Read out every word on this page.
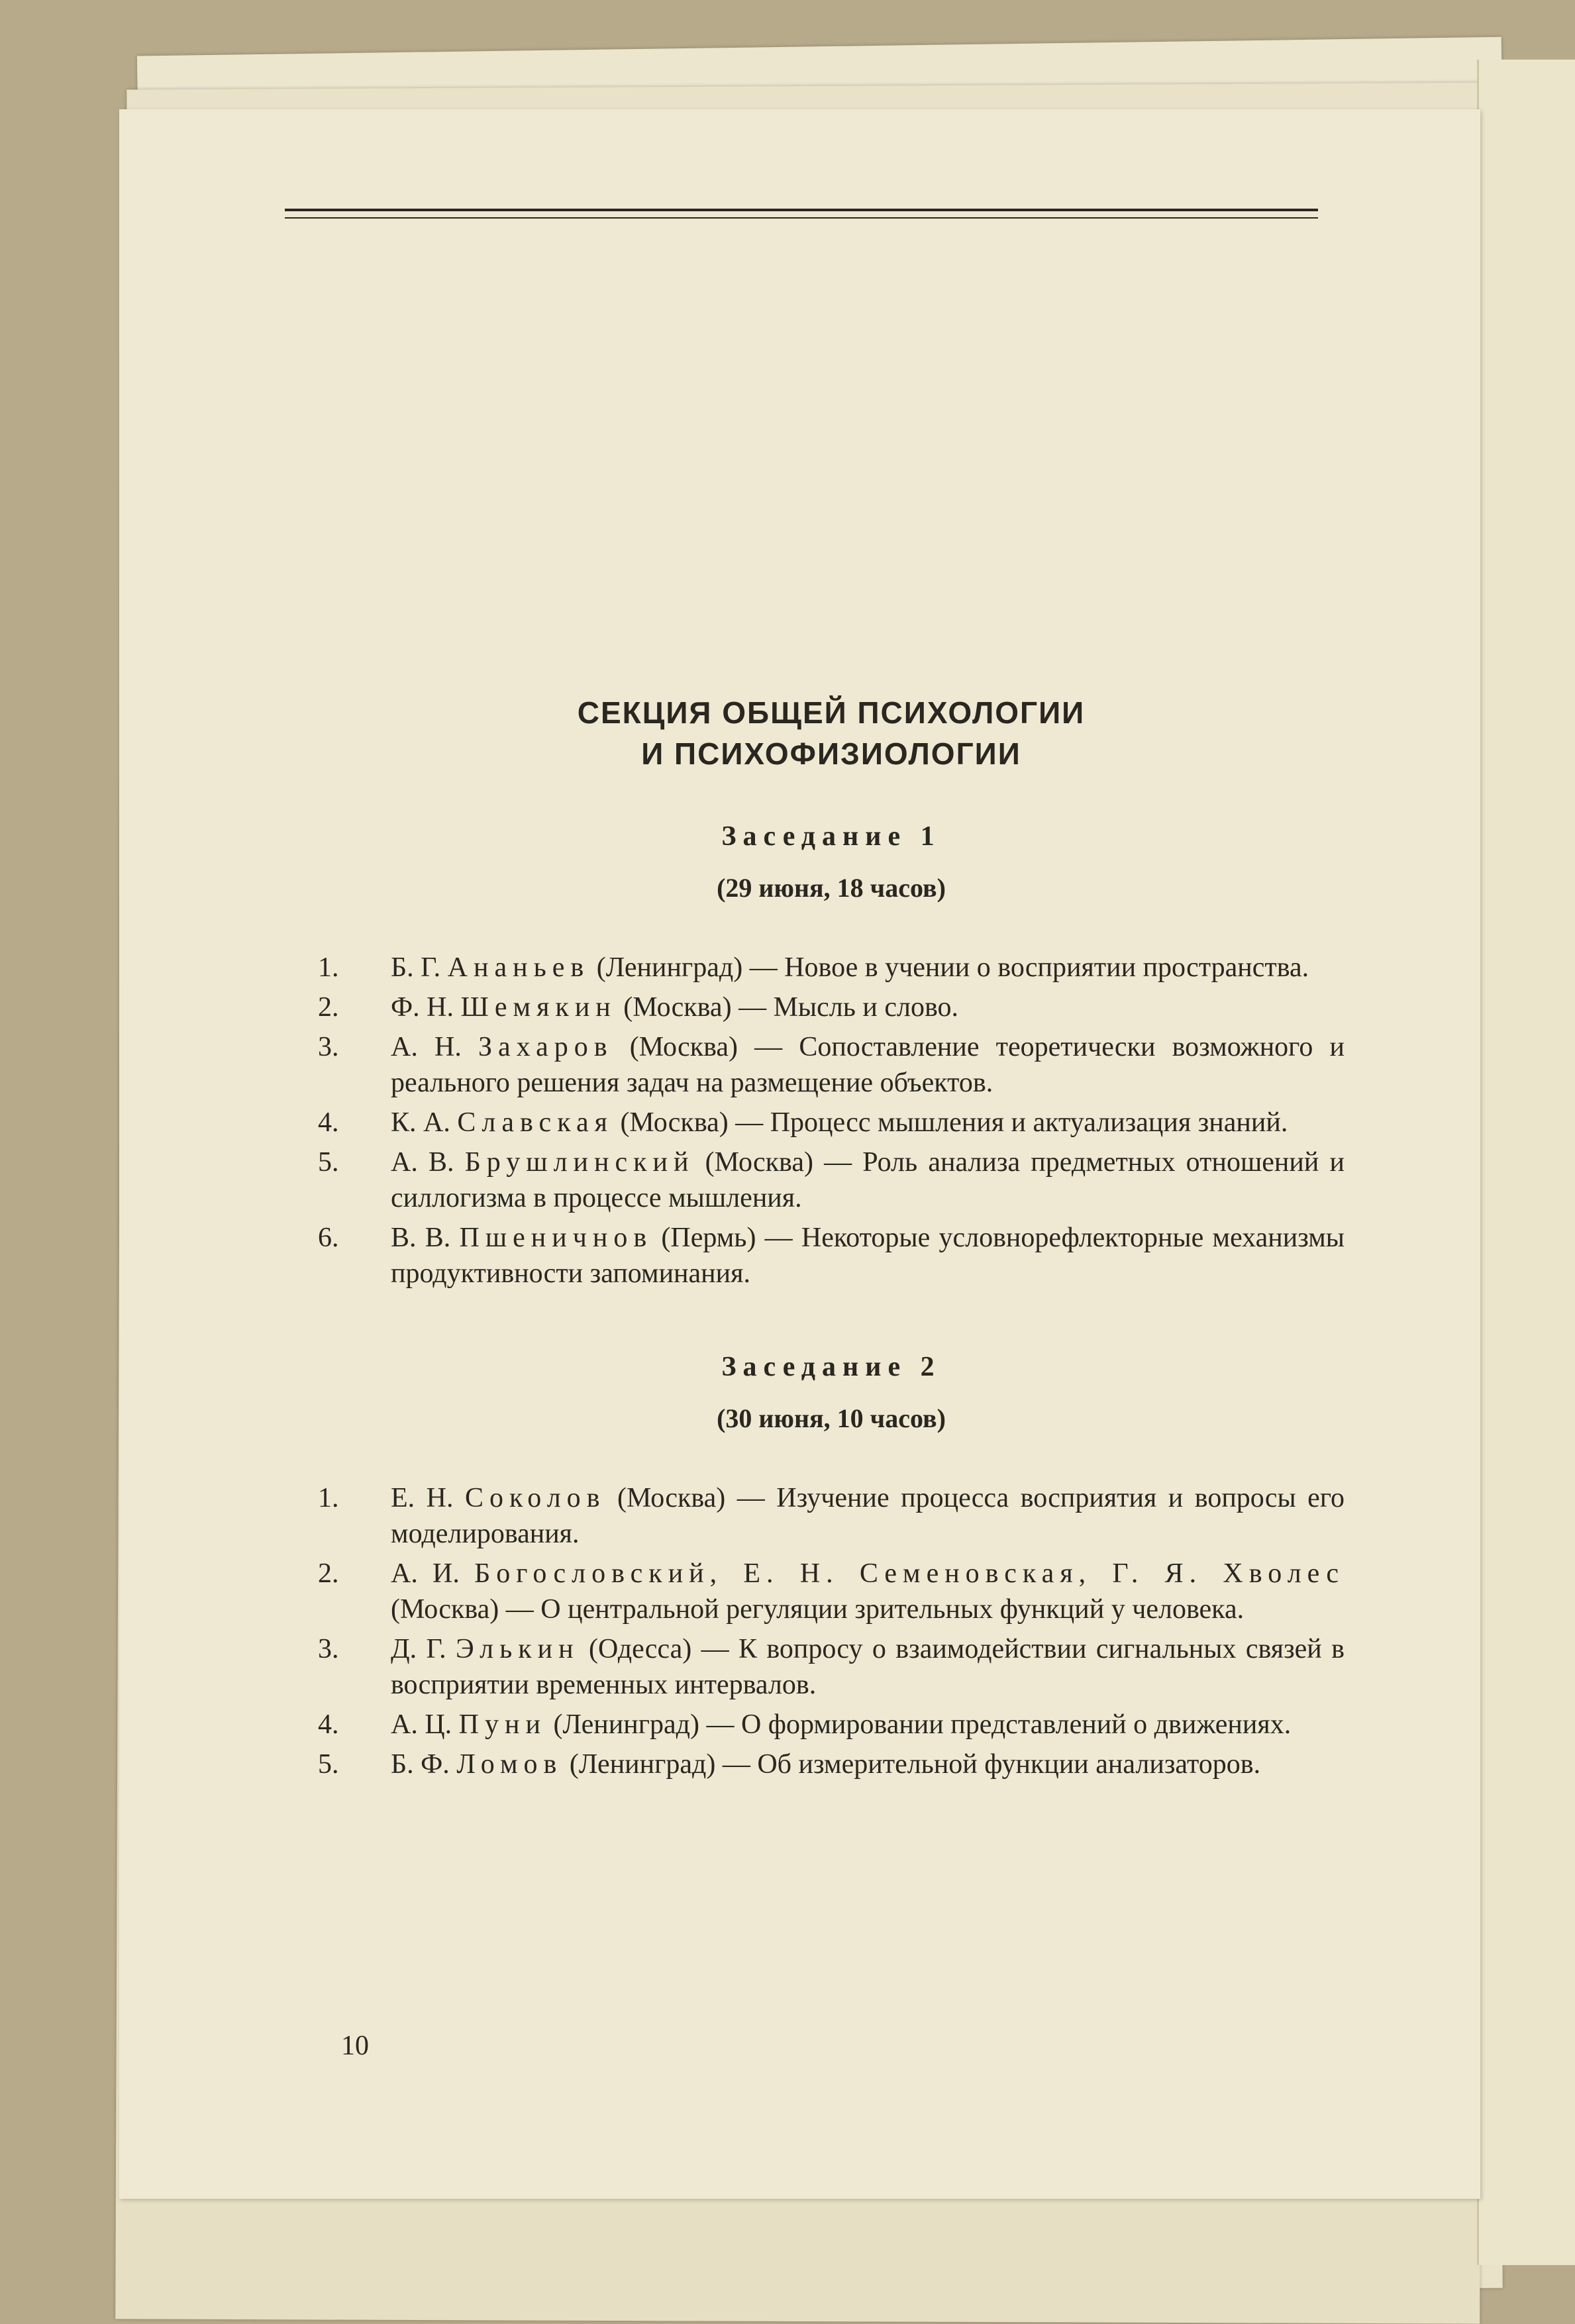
СЕКЦИЯ ОБЩЕЙ ПСИХОЛОГИИ
И ПСИХОФИЗИОЛОГИИ
Заседание 1

(29 июня, 18 часов)

1. Б. Г. Ананьев (Ленинград) — Новое в учении о восприятии пространства.
2. Ф. Н. Шемякин (Москва) — Мысль и слово.
3. А. Н. Захаров (Москва) — Сопоставление теоретически возможного и реального решения задач на размещение объектов.
4. К. А. Славская (Москва) — Процесс мышления и актуализация знаний.
5. А. В. Брушлинский (Москва) — Роль анализа предметных отношений и силлогизма в процессе мышления.
6. В. В. Пшеничнов (Пермь) — Некоторые условнорефлекторные механизмы продуктивности запоминания.
Заседание 2

(30 июня, 10 часов)

1. Е. Н. Соколов (Москва) — Изучение процесса восприятия и вопросы его моделирования.
2. А. И. Богословский, Е. Н. Семеновская, Г. Я. Хволес (Москва) — О центральной регуляции зрительных функций у человека.
3. Д. Г. Элькин (Одесса) — К вопросу о взаимодействии сигнальных связей в восприятии временных интервалов.
4. А. Ц. Пуни (Ленинград) — О формировании представлений о движениях.
5. Б. Ф. Ломов (Ленинград) — Об измерительной функции анализаторов.
10
